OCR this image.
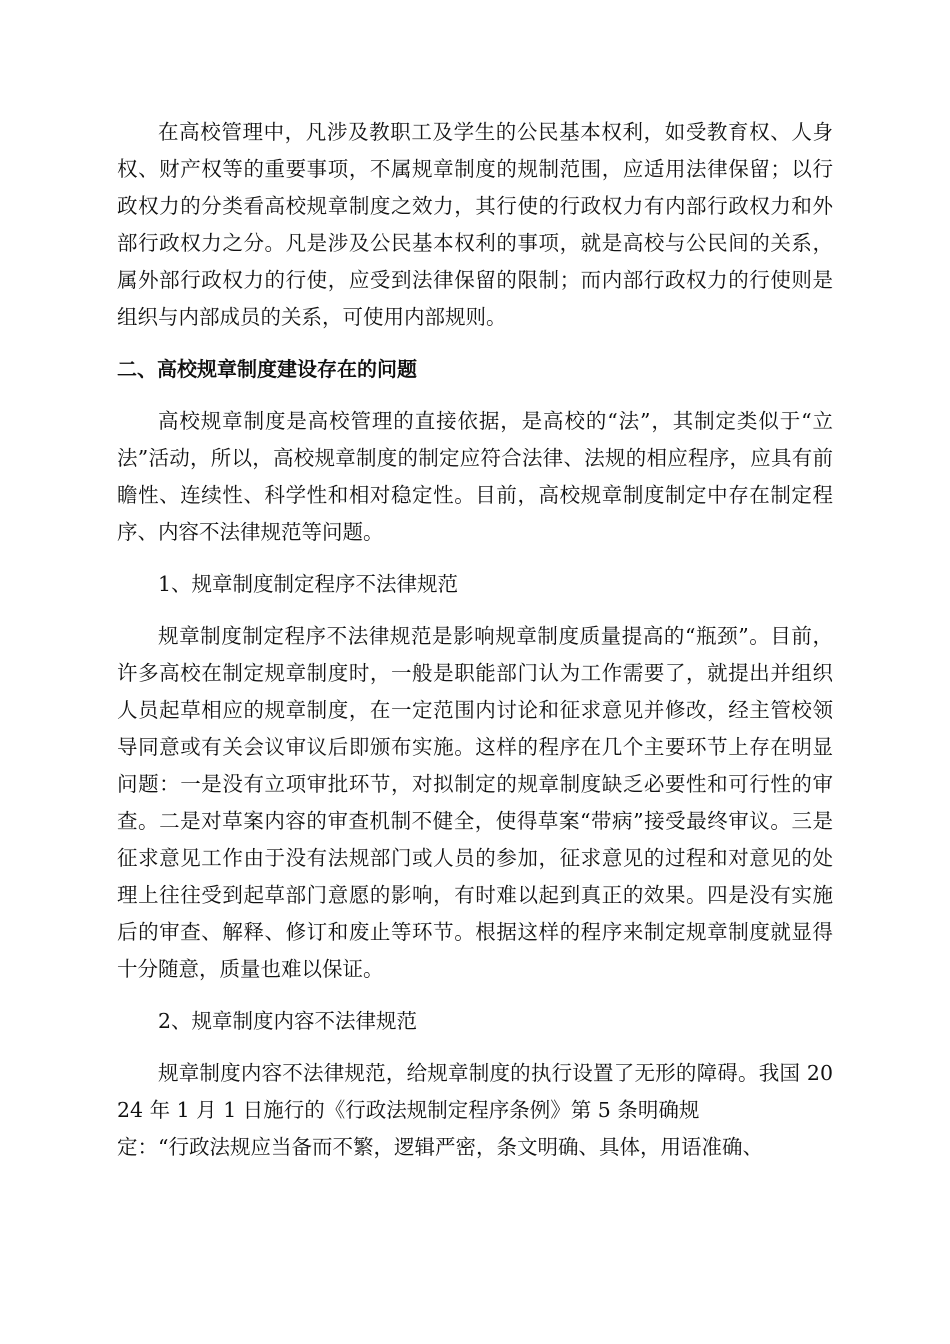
在高校管理中，凡涉及教职工及学生的公民基本权利，如受教育权、人身权、财产权等的重要事项，不属规章制度的规制范围，应适用法律保留；以行政权力的分类看高校规章制度之效力，其行使的行政权力有内部行政权力和外部行政权力之分。凡是涉及公民基本权利的事项，就是高校与公民间的关系，属外部行政权力的行使，应受到法律保留的限制；而内部行政权力的行使则是组织与内部成员的关系，可使用内部规则。

二、高校规章制度建设存在的问题

高校规章制度是高校管理的直接依据，是高校的“法”，其制定类似于“立法”活动，所以，高校规章制度的制定应符合法律、法规的相应程序，应具有前瞻性、连续性、科学性和相对稳定性。目前，高校规章制度制定中存在制定程序、内容不法律规范等问题。

1、规章制度制定程序不法律规范

规章制度制定程序不法律规范是影响规章制度质量提高的“瓶颈”。目前，许多高校在制定规章制度时，一般是职能部门认为工作需要了，就提出并组织人员起草相应的规章制度，在一定范围内讨论和征求意见并修改，经主管校领导同意或有关会议审议后即颁布实施。这样的程序在几个主要环节上存在明显问题：一是没有立项审批环节，对拟制定的规章制度缺乏必要性和可行性的审查。二是对草案内容的审查机制不健全，使得草案“带病”接受最终审议。三是征求意见工作由于没有法规部门或人员的参加，征求意见的过程和对意见的处理上往往受到起草部门意愿的影响，有时难以起到真正的效果。四是没有实施后的审查、解释、修订和废止等环节。根据这样的程序来制定规章制度就显得十分随意，质量也难以保证。

2、规章制度内容不法律规范

规章制度内容不法律规范，给规章制度的执行设置了无形的障碍。我国 2024 年 1 月 1 日施行的《行政法规制定程序条例》第 5 条明确规
定：“行政法规应当备而不繁，逻辑严密，条文明确、具体，用语准确、
